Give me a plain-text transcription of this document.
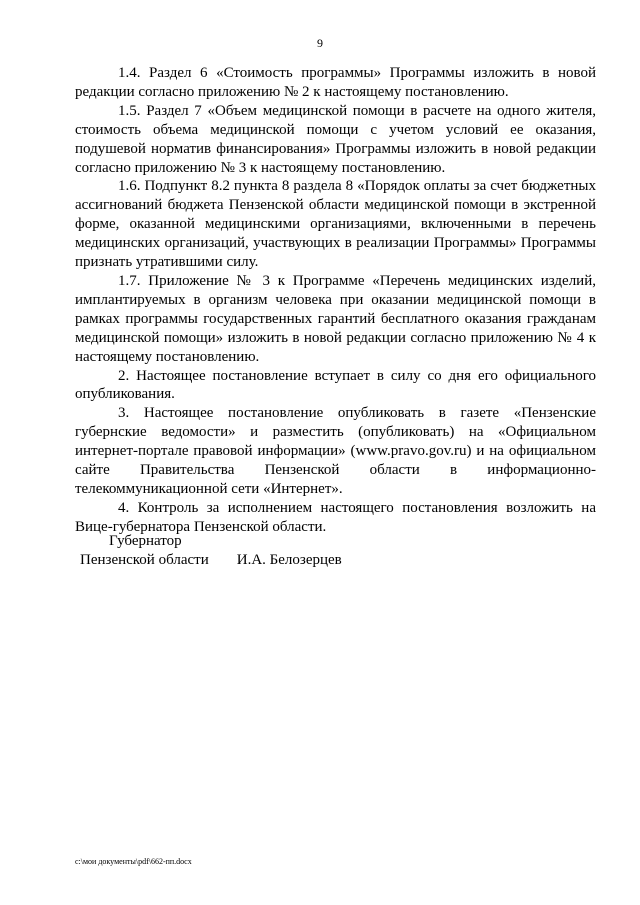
9

1.4. Раздел 6 «Стоимость программы» Программы изложить в новой редакции согласно приложению № 2 к настоящему постановлению.

1.5. Раздел 7 «Объем медицинской помощи в расчете на одного жителя, стоимость объема медицинской помощи с учетом условий ее оказания, подушевой норматив финансирования» Программы изложить в новой редакции согласно приложению № 3 к настоящему постановлению.

1.6. Подпункт 8.2 пункта 8 раздела 8 «Порядок оплаты за счет бюджетных ассигнований бюджета Пензенской области медицинской помощи в экстренной форме, оказанной медицинскими организациями, включенными в перечень медицинских организаций, участвующих в реализации Программы» Программы признать утратившими силу.

1.7. Приложение № 3 к Программе «Перечень медицинских изделий, имплантируемых в организм человека при оказании медицинской помощи в рамках программы государственных гарантий бесплатного оказания гражданам медицинской помощи» изложить в новой редакции согласно приложению № 4 к настоящему постановлению.

2. Настоящее постановление вступает в силу со дня его официального опубликования.

3. Настоящее постановление опубликовать в газете «Пензенские губернские ведомости» и разместить (опубликовать) на «Официальном интернет-портале правовой информации» (www.pravo.gov.ru) и на официальном сайте Правительства Пензенской области в информационно-телекоммуникационной сети «Интернет».

4. Контроль за исполнением настоящего постановления возложить на Вице-губернатора Пензенской области.

Губернатор
Пензенской области И.А. Белозерцев
c:\мои документы\pdf\662-пп.docx
